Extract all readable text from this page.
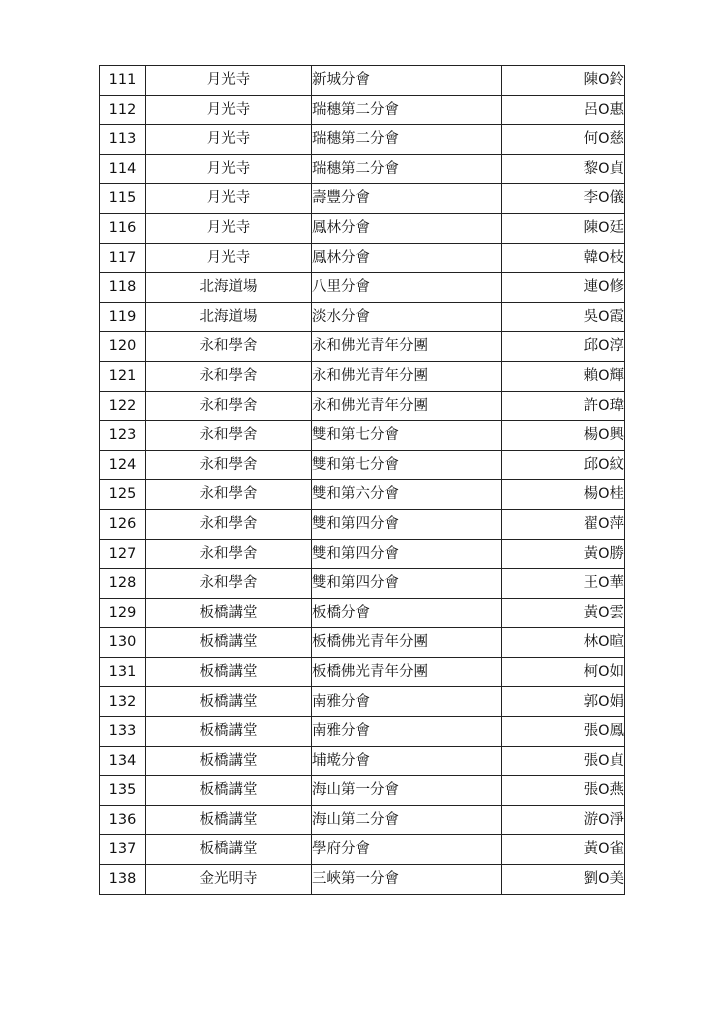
111	月光寺	新城分會	陳O鈴
112	月光寺	瑞穗第二分會	呂O惠
113	月光寺	瑞穗第二分會	何O慈
114	月光寺	瑞穗第二分會	黎O貞
115	月光寺	壽豐分會	李O儀
116	月光寺	鳳林分會	陳O廷
117	月光寺	鳳林分會	韓O枝
118	北海道場	八里分會	連O修
119	北海道場	淡水分會	吳O霞
120	永和學舍	永和佛光青年分團	邱O淳
121	永和學舍	永和佛光青年分團	賴O輝
122	永和學舍	永和佛光青年分團	許O瑋
123	永和學舍	雙和第七分會	楊O興
124	永和學舍	雙和第七分會	邱O紋
125	永和學舍	雙和第六分會	楊O桂
126	永和學舍	雙和第四分會	翟O萍
127	永和學舍	雙和第四分會	黃O勝
128	永和學舍	雙和第四分會	王O華
129	板橋講堂	板橋分會	黃O雲
130	板橋講堂	板橋佛光青年分團	林O暄
131	板橋講堂	板橋佛光青年分團	柯O如
132	板橋講堂	南雅分會	郭O娟
133	板橋講堂	南雅分會	張O鳳
134	板橋講堂	埔墘分會	張O貞
135	板橋講堂	海山第一分會	張O燕
136	板橋講堂	海山第二分會	游O淨
137	板橋講堂	學府分會	黃O雀
138	金光明寺	三峽第一分會	劉O美
